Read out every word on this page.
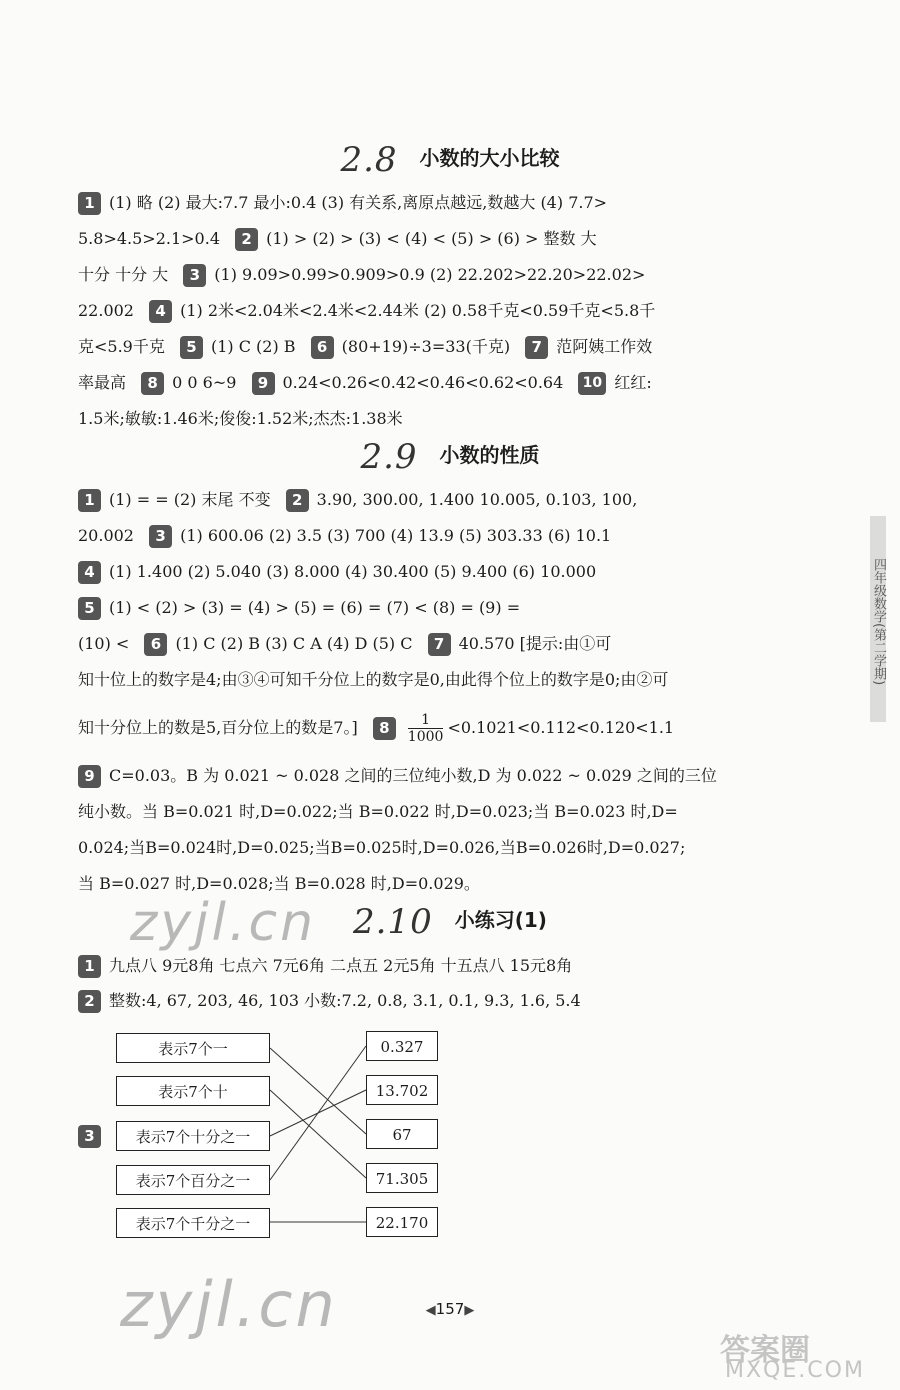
2.8 小数的大小比较
1 (1) 略 (2) 最大:7.7 最小:0.4 (3) 有关系,离原点越远,数越大 (4) 7.7>
5.8>4.5>2.1>0.4 2 (1) > (2) > (3) < (4) < (5) > (6) > 整数 大
十分 十分 大 3 (1) 9.09>0.99>0.909>0.9 (2) 22.202>22.20>22.02>
22.002 4 (1) 2米<2.04米<2.4米<2.44米 (2) 0.58千克<0.59千克<5.8千
克<5.9千克 5 (1) C (2) B 6 (80+19)÷3=33(千克) 7 范阿姨工作效
率最高 8 0 0 6~9 9 0.24<0.26<0.42<0.46<0.62<0.64 10 红红:
1.5米;敏敏:1.46米;俊俊:1.52米;杰杰:1.38米
2.9 小数的性质
1 (1) = = (2) 末尾 不变 2 3.90, 300.00, 1.400 10.005, 0.103, 100,
20.002 3 (1) 600.06 (2) 3.5 (3) 700 (4) 13.9 (5) 303.33 (6) 10.1
4 (1) 1.400 (2) 5.040 (3) 8.000 (4) 30.400 (5) 9.400 (6) 10.000
5 (1) < (2) > (3) = (4) > (5) = (6) = (7) < (8) = (9) =
(10) < 6 (1) C (2) B (3) C A (4) D (5) C 7 40.570 [提示:由①可
知十位上的数字是4;由③④可知千分位上的数字是0,由此得个位上的数字是0;由②可
知十分位上的数是5,百分位上的数是7。] $8 \frac{1}{1000} <0.1021<0.112<0.120<1.1$
9 C=0.03。B 为 0.021 ~ 0.028 之间的三位纯小数,D 为 0.022 ~ 0.029 之间的三位
纯小数。当 B=0.021 时,D=0.022;当 B=0.022 时,D=0.023;当 B=0.023 时,D=
0.024;当B=0.024时,D=0.025;当B=0.025时,D=0.026,当B=0.026时,D=0.027;
当 B=0.027 时,D=0.028;当 B=0.028 时,D=0.029。
2.10 小练习(1)
1 九点八 9元8角 七点六 7元6角 二点五 2元5角 十五点八 15元8角
2 整数:4, 67, 203, 46, 103 小数:7.2, 0.8, 3.1, 0.1, 9.3, 1.6, 5.4
3
表示7个一
表示7个十
表示7个十分之一
表示7个百分之一
表示7个千分之一
0.327
13.702
67
71.305
22.170
四年级数学(第二学期)
zyjl.cn
zyjl.cn
答案圈
MXQE.COM
◀157▶
